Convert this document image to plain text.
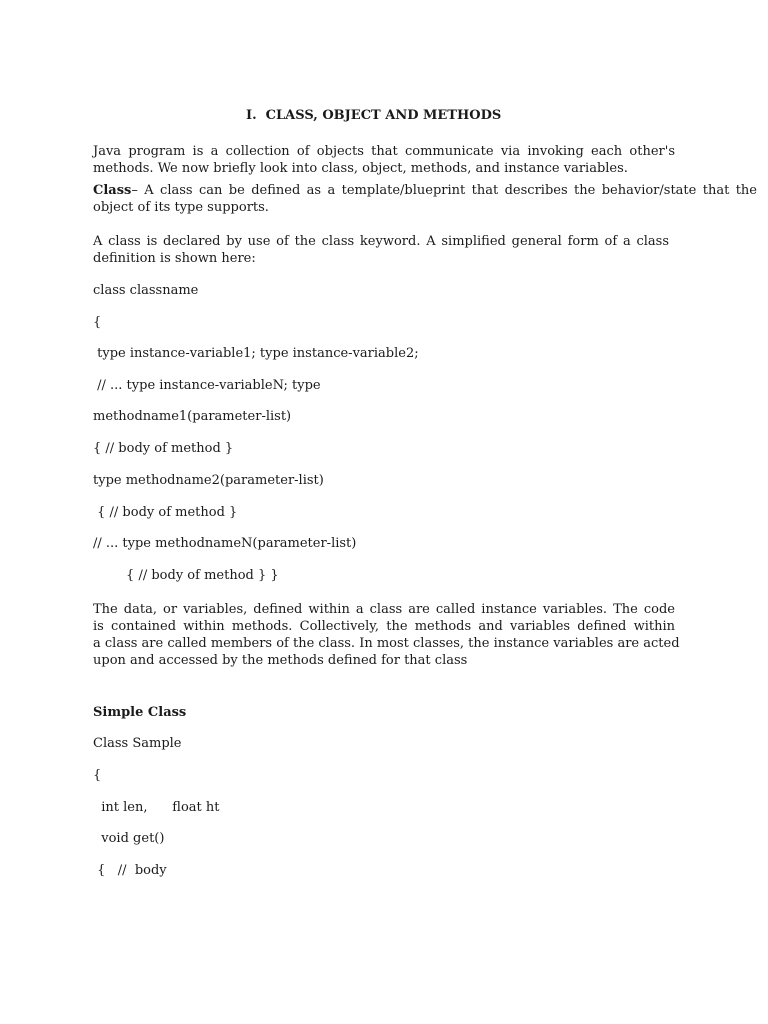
I. CLASS, OBJECT AND METHODS
Java program is a collection of objects that communicate via invoking each other's
methods. We now briefly look into class, object, methods, and instance variables.
Class – A class can be defined as a template/blueprint that describes the behavior/state that the
object of its type supports.
A class is declared by use of the class keyword. A simplified general form of a class
definition is shown here:
class classname
{
type instance-variable1; type instance-variable2;
// ... type instance-variableN; type
methodname1(parameter-list)
{ // body of method }
type methodname2(parameter-list)
{ // body of method }
// ... type methodnameN(parameter-list)
{ // body of method } }
The data, or variables, defined within a class are called instance variables. The code
is contained within methods. Collectively, the methods and variables defined within
a class are called members of the class. In most classes, the instance variables are acted
upon and accessed by the methods defined for that class
Simple Class
Class Sample
{
int len,      float ht
void get()
{   //  body
